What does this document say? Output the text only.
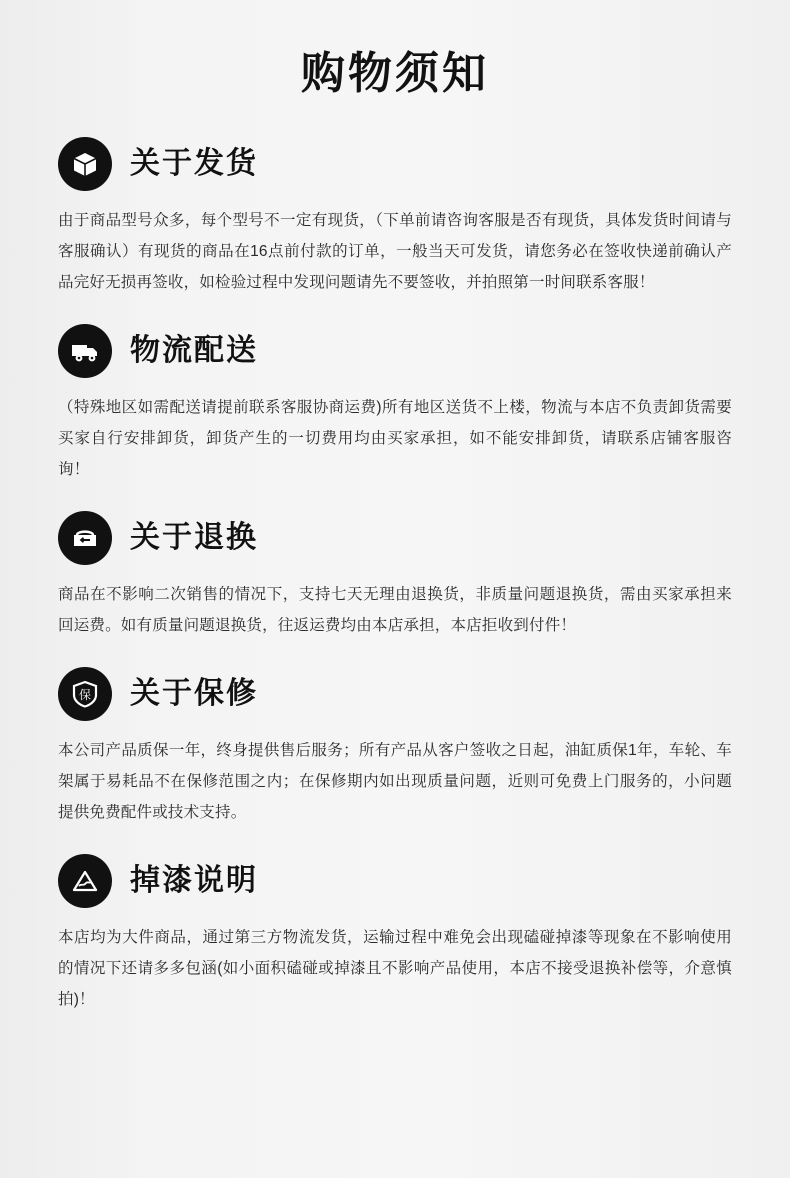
购物须知
关于发货
由于商品型号众多，每个型号不一定有现货，（下单前请咨询客服是否有现货，具体发货时间请与客服确认）有现货的商品在16点前付款的订单，一般当天可发货，请您务必在签收快递前确认产品完好无损再签收，如检验过程中发现问题请先不要签收，并拍照第一时间联系客服！
物流配送
（特殊地区如需配送请提前联系客服协商运费)所有地区送货不上楼，物流与本店不负责卸货需要买家自行安排卸货，卸货产生的一切费用均由买家承担，如不能安排卸货，请联系店铺客服咨询！
关于退换
商品在不影响二次销售的情况下，支持七天无理由退换货，非质量问题退换货，需由买家承担来回运费。如有质量问题退换货，往返运费均由本店承担，本店拒收到付件！
保 关于保修
本公司产品质保一年，终身提供售后服务；所有产品从客户签收之日起，油缸质保1年，车轮、车架属于易耗品不在保修范围之内；在保修期内如出现质量问题，近则可免费上门服务的，小问题提供免费配件或技术支持。
掉漆说明
本店均为大件商品，通过第三方物流发货，运输过程中难免会出现磕碰掉漆等现象在不影响使用的情况下还请多多包涵(如小面积磕碰或掉漆且不影响产品使用，本店不接受退换补偿等，介意慎拍)！
